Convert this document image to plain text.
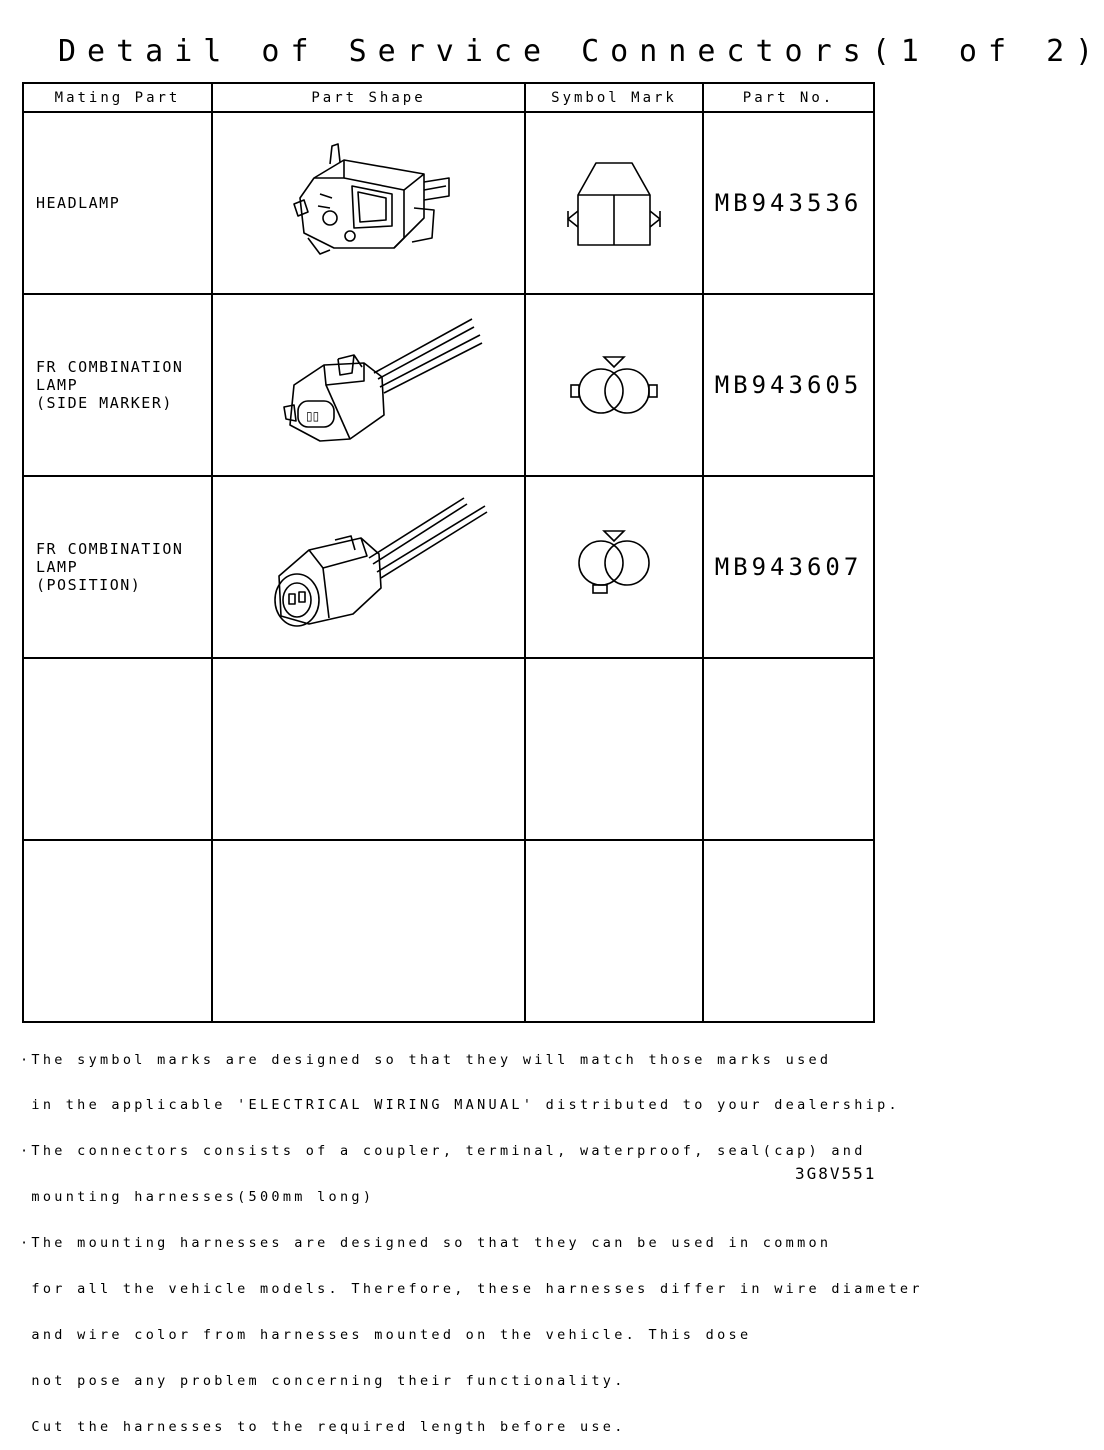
Detail of Service Connectors(1 of 2)
Mating Part	Part Shape	Symbol Mark	Part No.

HEADLAMP			MB943536

FR COMBINATION
LAMP
(SIDE MARKER)	▯▯		MB943605

FR COMBINATION
LAMP
(POSITION)			MB943607

·The symbol marks are designed so that they will match those marks used

in the applicable 'ELECTRICAL WIRING MANUAL' distributed to your dealership.

·The connectors consists of a coupler, terminal, waterproof, seal(cap) and

mounting harnesses(500mm long)

·The mounting harnesses are designed so that they can be used in common

for all the vehicle models. Therefore, these harnesses differ in wire diameter

and wire color from harnesses mounted on the vehicle. This dose

not pose any problem concerning their functionality.

Cut the harnesses to the required length before use.

3G8V551
